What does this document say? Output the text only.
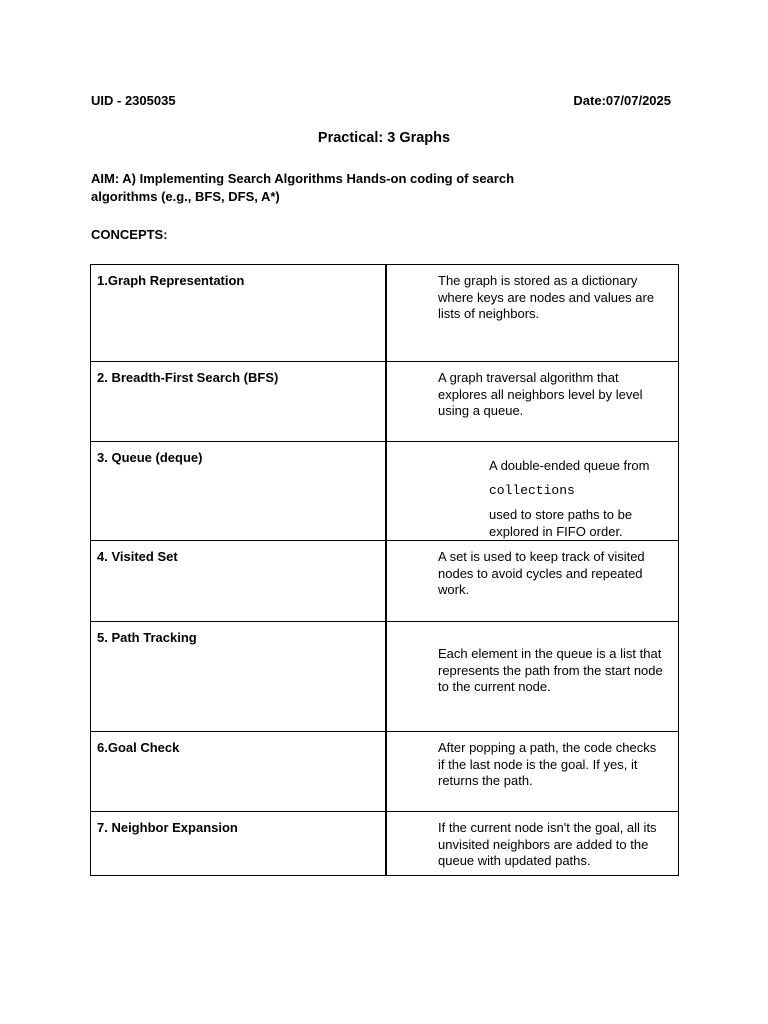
UID - 2305035	Date:07/07/2025
Practical: 3 Graphs
AIM: A) Implementing Search Algorithms Hands-on coding of search algorithms (e.g., BFS, DFS, A*)
CONCEPTS:
1.Graph Representation	The graph is stored as a dictionary where keys are nodes and values are lists of neighbors.

2. Breadth-First Search (BFS)	A graph traversal algorithm that explores all neighbors level by level using a queue.

3. Queue (deque)	A double-ended queue from
collections
used to store paths to be explored in FIFO order.

4. Visited Set	A set is used to keep track of visited nodes to avoid cycles and repeated work.

5. Path Tracking	Each element in the queue is a list that represents the path from the start node to the current node.

6.Goal Check	After popping a path, the code checks if the last node is the goal. If yes, it returns the path.

7. Neighbor Expansion	If the current node isn't the goal, all its unvisited neighbors are added to the queue with updated paths.
